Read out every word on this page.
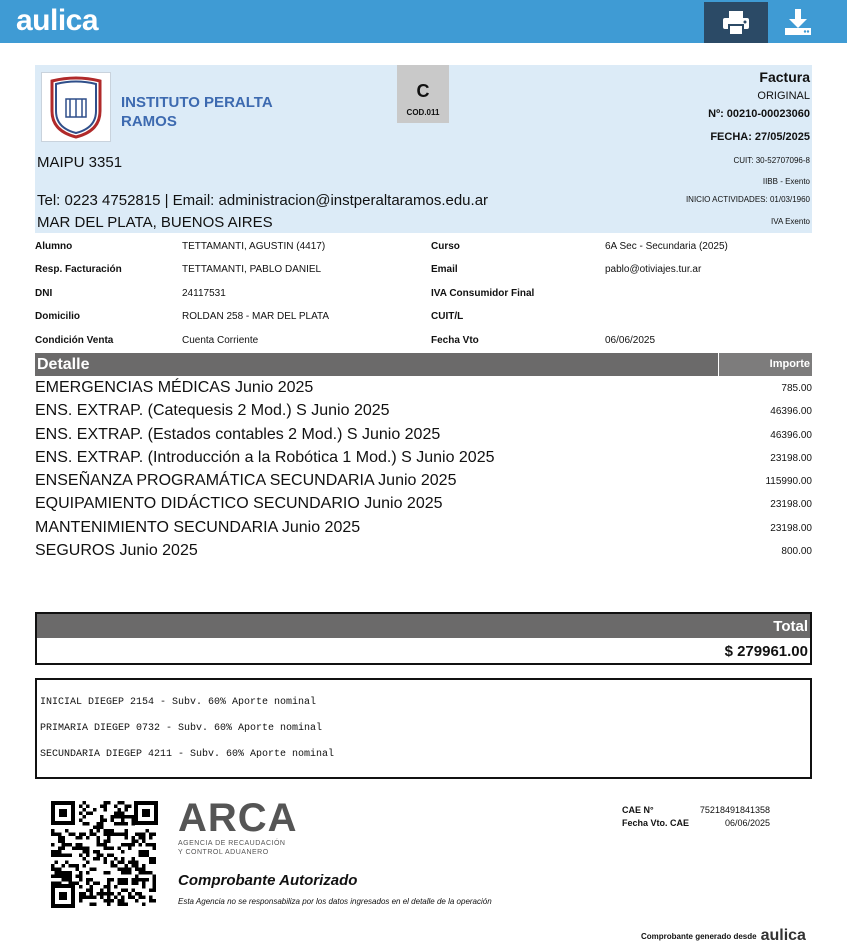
aulica
INSTITUTO PERALTA RAMOS
C
COD.011
MAIPU 3351
Tel: 0223 4752815 | Email: administracion@instperaltaramos.edu.ar
MAR DEL PLATA, BUENOS AIRES
Factura
ORIGINAL
Nº: 00210-00023060
FECHA: 27/05/2025
CUIT: 30-52707096-8
IIBB - Exento
INICIO ACTIVIDADES: 01/03/1960
IVA Exento
Alumno	TETTAMANTI, AGUSTIN (4417)	Curso	6A Sec - Secundaria (2025)
Resp. Facturación	TETTAMANTI, PABLO DANIEL	Email	pablo@otiviajes.tur.ar
DNI	24117531	IVA Consumidor Final
Domicilio	ROLDAN 258 - MAR DEL PLATA	CUIT/L
Condición Venta	Cuenta Corriente	Fecha Vto	06/06/2025
Detalle	Importe
EMERGENCIAS MÉDICAS Junio 2025	785.00
ENS. EXTRAP. (Catequesis 2 Mod.) S Junio 2025	46396.00
ENS. EXTRAP. (Estados contables 2 Mod.) S Junio 2025	46396.00
ENS. EXTRAP. (Introducción a la Robótica 1 Mod.) S Junio 2025	23198.00
ENSEÑANZA PROGRAMÁTICA SECUNDARIA Junio 2025	115990.00
EQUIPAMIENTO DIDÁCTICO SECUNDARIO Junio 2025	23198.00
MANTENIMIENTO SECUNDARIA Junio 2025	23198.00
SEGUROS Junio 2025	800.00
Total
$ 279961.00
INICIAL DIEGEP 2154 - Subv. 60% Aporte nominal
PRIMARIA DIEGEP 0732 - Subv. 60% Aporte nominal
SECUNDARIA DIEGEP 4211 - Subv. 60% Aporte nominal
ARCA
AGENCIA DE RECAUDACIÓN
Y CONTROL ADUANERO
Comprobante Autorizado
Esta Agencia no se responsabiliza por los datos ingresados en el detalle de la operación
CAE N°	75218491841358
Fecha Vto. CAE	06/06/2025
Comprobante generado desde aulica
